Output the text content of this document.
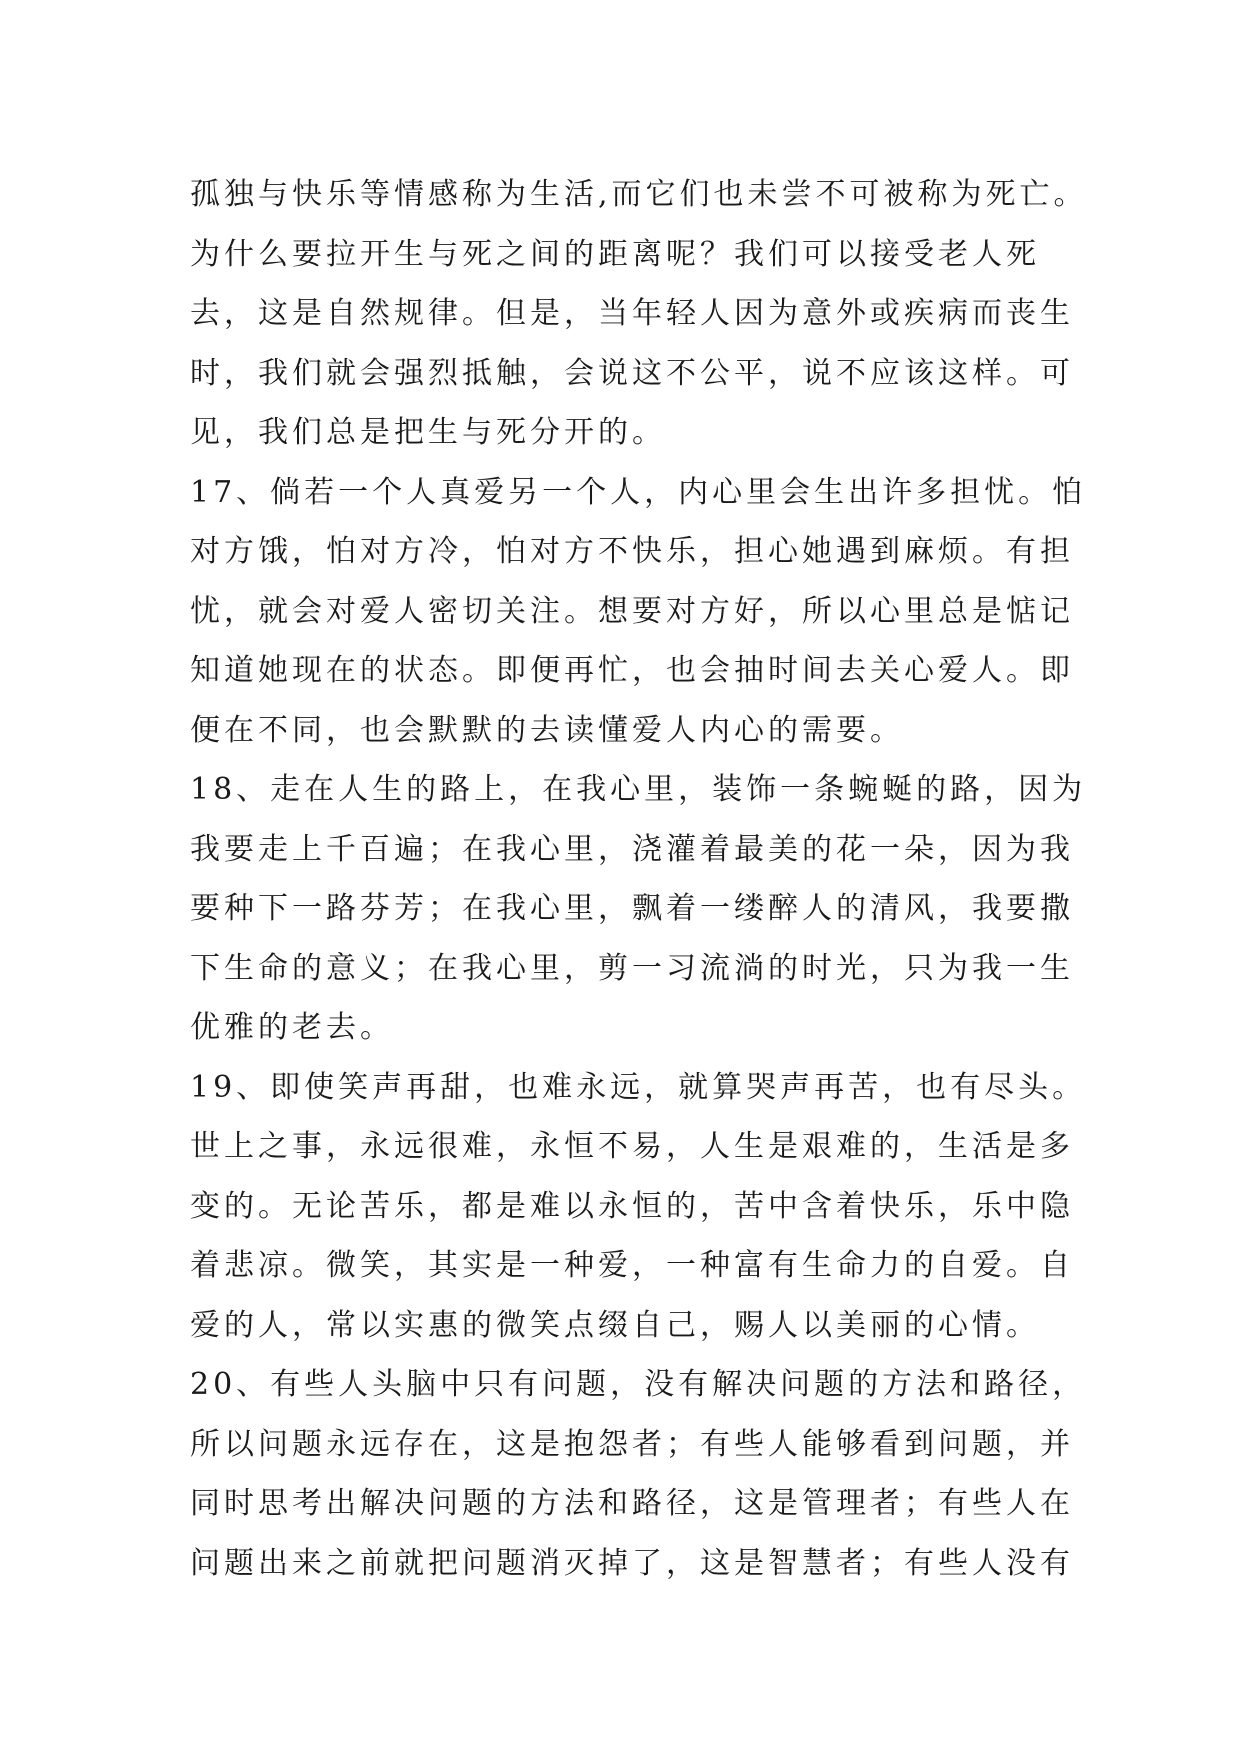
孤独与快乐等情感称为生活,而它们也未尝不可被称为死亡。
为什么要拉开生与死之间的距离呢？我们可以接受老人死
去，这是自然规律。但是，当年轻人因为意外或疾病而丧生
时，我们就会强烈抵触，会说这不公平，说不应该这样。可
见，我们总是把生与死分开的。
17、倘若一个人真爱另一个人，内心里会生出许多担忧。怕
对方饿，怕对方冷，怕对方不快乐，担心她遇到麻烦。有担
忧，就会对爱人密切关注。想要对方好，所以心里总是惦记
知道她现在的状态。即便再忙，也会抽时间去关心爱人。即
便在不同，也会默默的去读懂爱人内心的需要。
18、走在人生的路上，在我心里，装饰一条蜿蜒的路，因为
我要走上千百遍；在我心里，浇灌着最美的花一朵，因为我
要种下一路芬芳；在我心里，飘着一缕醉人的清风，我要撒
下生命的意义；在我心里，剪一习流淌的时光，只为我一生
优雅的老去。
19、即使笑声再甜，也难永远，就算哭声再苦，也有尽头。
世上之事，永远很难，永恒不易，人生是艰难的，生活是多
变的。无论苦乐，都是难以永恒的，苦中含着快乐，乐中隐
着悲凉。微笑，其实是一种爱，一种富有生命力的自爱。自
爱的人，常以实惠的微笑点缀自己，赐人以美丽的心情。
20、有些人头脑中只有问题，没有解决问题的方法和路径，
所以问题永远存在，这是抱怨者；有些人能够看到问题，并
同时思考出解决问题的方法和路径，这是管理者；有些人在
问题出来之前就把问题消灭掉了，这是智慧者；有些人没有
